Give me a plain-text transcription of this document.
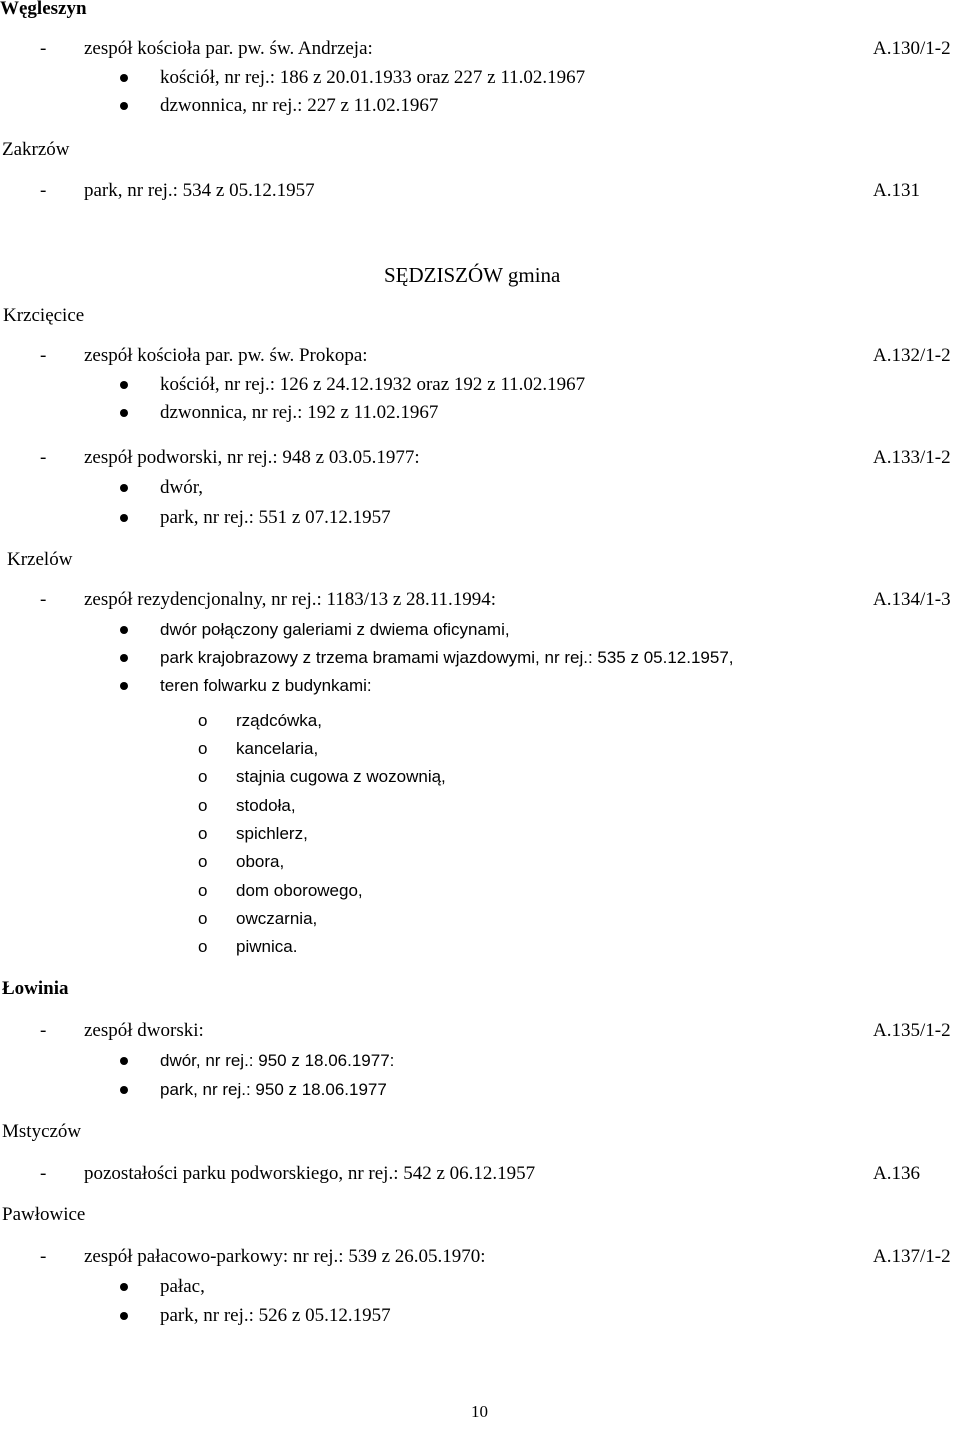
Węgleszyn
- zespół kościoła par. pw. św. Andrzeja:	A.130/1-2
kościół, nr rej.: 186 z 20.01.1933 oraz 227 z 11.02.1967
dzwonnica, nr rej.: 227 z 11.02.1967
Zakrzów
- park, nr rej.: 534 z 05.12.1957	A.131
SĘDZISZÓW gmina
Krzcięcice
- zespół kościoła par. pw. św. Prokopa:	A.132/1-2
kościół, nr rej.: 126 z 24.12.1932 oraz 192 z 11.02.1967
dzwonnica, nr rej.: 192 z 11.02.1967
- zespół podworski, nr rej.: 948 z 03.05.1977:	A.133/1-2
dwór,
park, nr rej.: 551 z 07.12.1957
Krzelów
- zespół rezydencjonalny, nr rej.: 1183/13 z 28.11.1994:	A.134/1-3
dwór połączony galeriami z dwiema oficynami,
park krajobrazowy z trzema bramami wjazdowymi, nr rej.: 535 z 05.12.1957,
teren folwarku z budynkami:
o rządcówka,
o kancelaria,
o stajnia cugowa z wozownią,
o stodoła,
o spichlerz,
o obora,
o dom oborowego,
o owczarnia,
o piwnica.
Łowinia
- zespół dworski:	A.135/1-2
dwór, nr rej.: 950 z 18.06.1977:
park, nr rej.: 950 z 18.06.1977
Mstyczów
- pozostałości parku podworskiego, nr rej.: 542 z 06.12.1957	A.136
Pawłowice
- zespół pałacowo-parkowy: nr rej.: 539 z 26.05.1970:	A.137/1-2
pałac,
park, nr rej.: 526 z 05.12.1957
10
